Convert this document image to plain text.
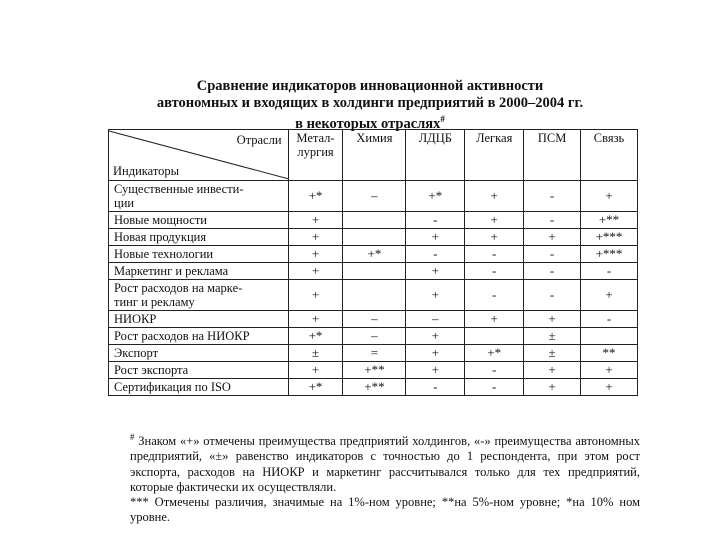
Сравнение индикаторов инновационной активности
автономных и входящих в холдинги предприятий в 2000–2004 гг.
в некоторых отраслях#
Отрасли
Индикаторы	Метал-
лургия	Химия	ЛДЦБ	Легкая	ПСМ	Связь
Существенные инвести-
ции	+*	–	+*	+	-	+
Новые мощности	+		-	+	-	+**
Новая продукция	+		+	+	+	+***
Новые технологии	+	+*	-	-	-	+***
Маркетинг и реклама	+		+	-	-	-
Рост расходов на марке-
тинг и рекламу	+		+	-	-	+
НИОКР	+	–	–	+	+	-
Рост расходов на НИОКР	+*	–	+		±	
Экспорт	±	=	+	+*	±	**
Рост экспорта	+	+**	+	-	+	+
Сертификация по ISO	+*	+**	-	-	+	+

# Знаком «+» отмечены преимущества предприятий холдингов, «-» преимущества автономных предприятий, «±» равенство индикаторов с точностью до 1 респондента, при этом рост экспорта, расходов на НИОКР и маркетинг рассчитывался только для тех предприятий, которые фактически их осуществляли.

*** Отмечены различия, значимые на 1%-ном уровне; **на 5%-ном уровне; *на 10% ном уровне.
